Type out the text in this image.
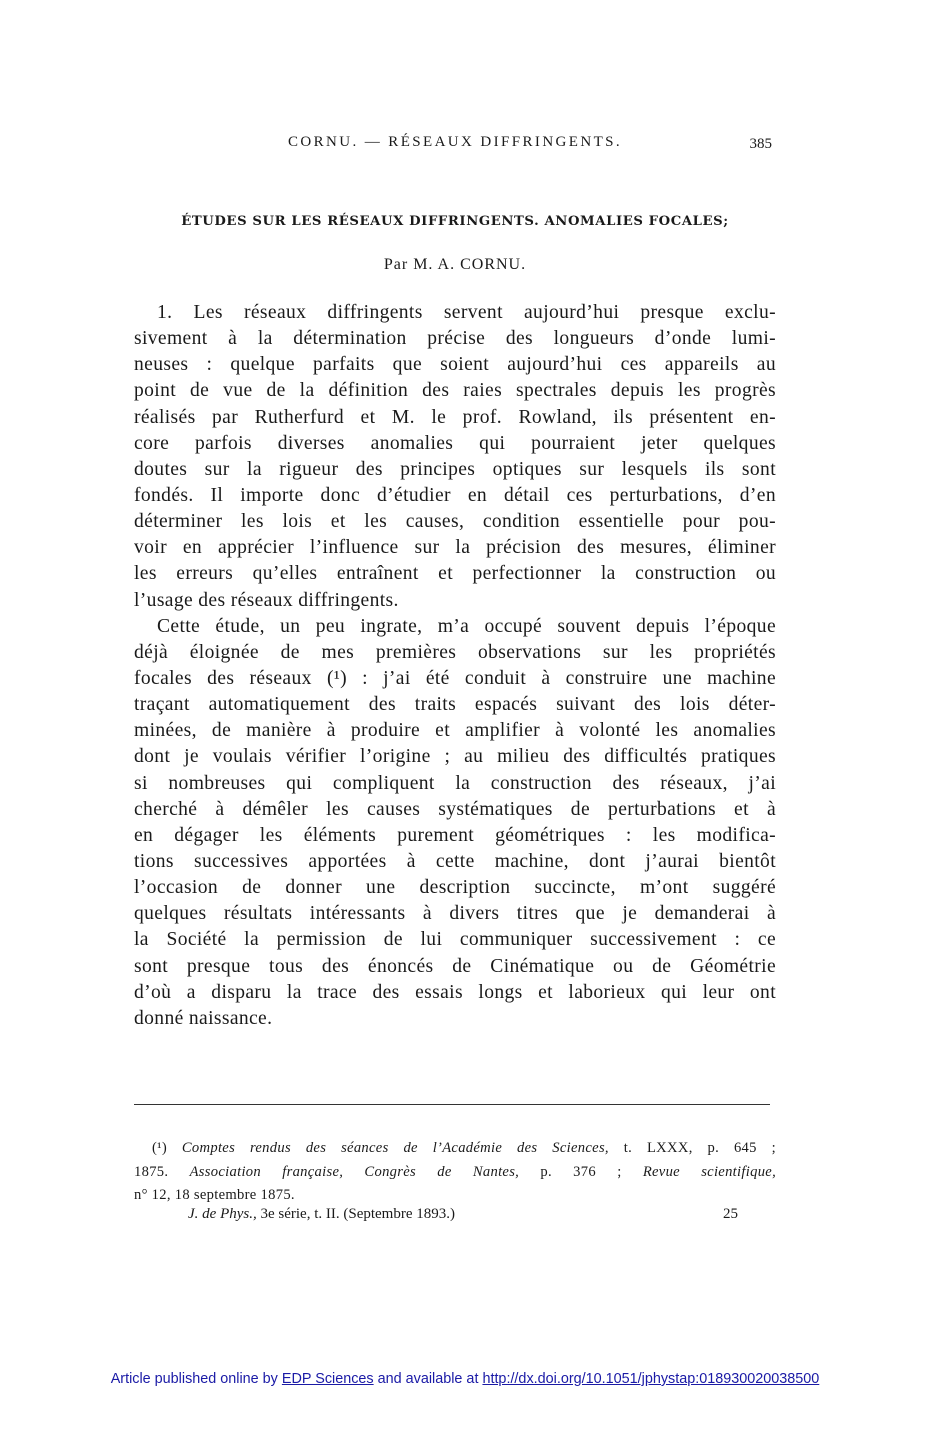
CORNU. — RÉSEAUX DIFFRINGENTS.	385
ÉTUDES SUR LES RÉSEAUX DIFFRINGENTS. ANOMALIES FOCALES;
Par M. A. CORNU.
1. Les réseaux diffringents servent aujourd’hui presque exclu-
sivement à la détermination précise des longueurs d’onde lumi-
neuses : quelque parfaits que soient aujourd’hui ces appareils au
point de vue de la définition des raies spectrales depuis les progrès
réalisés par Rutherfurd et M. le prof. Rowland, ils présentent en-
core parfois diverses anomalies qui pourraient jeter quelques
doutes sur la rigueur des principes optiques sur lesquels ils sont
fondés. Il importe donc d’étudier en détail ces perturbations, d’en
déterminer les lois et les causes, condition essentielle pour pou-
voir en apprécier l’influence sur la précision des mesures, éliminer
les erreurs qu’elles entraînent et perfectionner la construction ou
l’usage des réseaux diffringents.
Cette étude, un peu ingrate, m’a occupé souvent depuis l’époque
déjà éloignée de mes premières observations sur les propriétés
focales des réseaux (¹) : j’ai été conduit à construire une machine
traçant automatiquement des traits espacés suivant des lois déter-
minées, de manière à produire et amplifier à volonté les anomalies
dont je voulais vérifier l’origine ; au milieu des difficultés pratiques
si nombreuses qui compliquent la construction des réseaux, j’ai
cherché à démêler les causes systématiques de perturbations et à
en dégager les éléments purement géométriques : les modifica-
tions successives apportées à cette machine, dont j’aurai bientôt
l’occasion de donner une description succincte, m’ont suggéré
quelques résultats intéressants à divers titres que je demanderai à
la Société la permission de lui communiquer successivement : ce
sont presque tous des énoncés de Cinématique ou de Géométrie
d’où a disparu la trace des essais longs et laborieux qui leur ont
donné naissance.
(¹) Comptes rendus des séances de l’Académie des Sciences, t. LXXX, p. 645 ;
1875. Association française, Congrès de Nantes, p. 376 ; Revue scientifique,
n° 12, 18 septembre 1875.
J. de Phys., 3e série, t. II. (Septembre 1893.)	25
Article published online by EDP Sciences and available at http://dx.doi.org/10.1051/jphystap:018930020038500
